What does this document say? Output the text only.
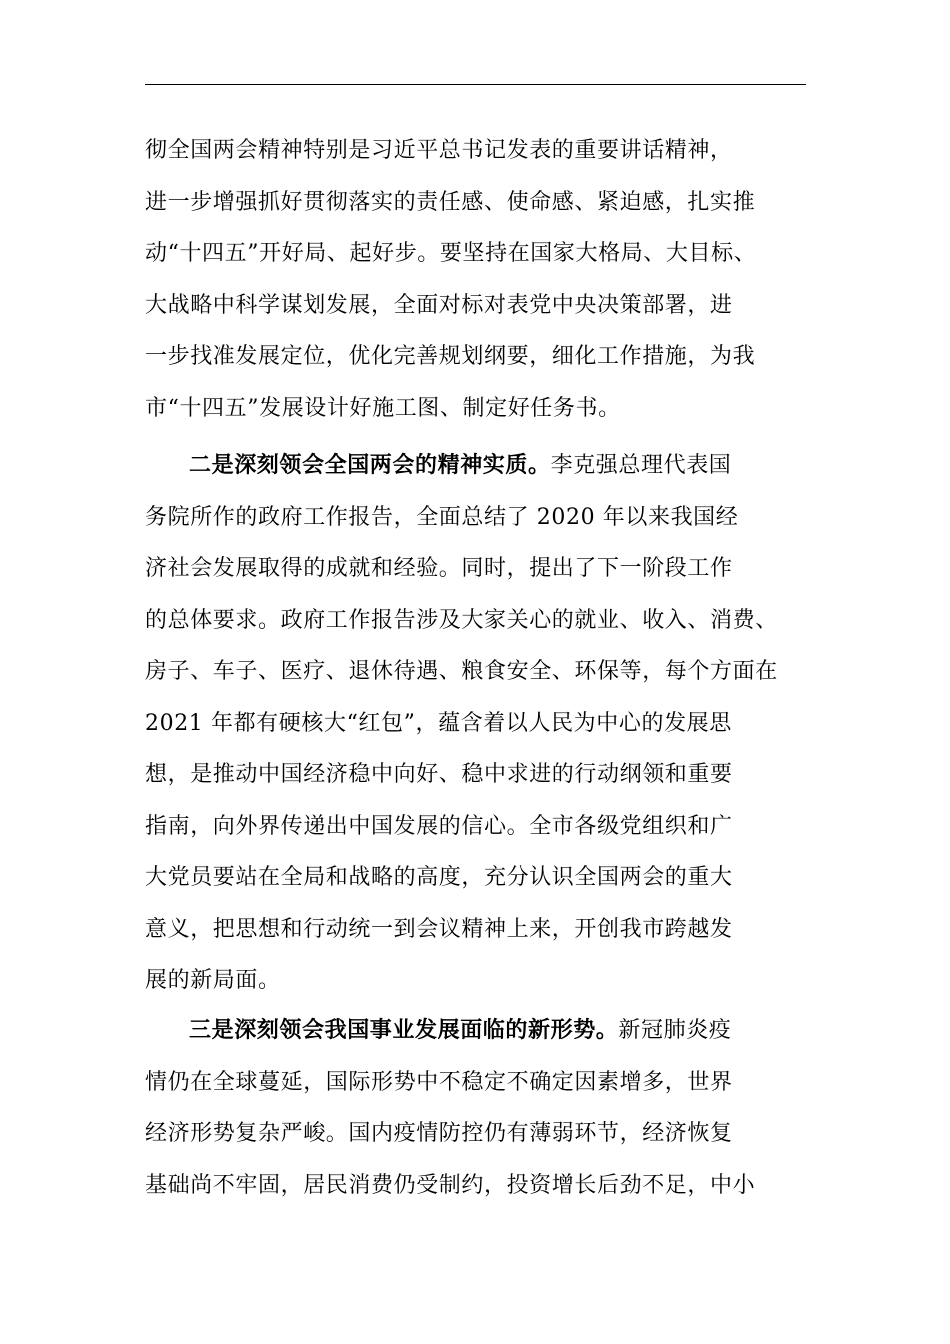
彻全国两会精神特别是习近平总书记发表的重要讲话精神，
进一步增强抓好贯彻落实的责任感、使命感、紧迫感，扎实推
动“十四五”开好局、起好步。要坚持在国家大格局、大目标、
大战略中科学谋划发展，全面对标对表党中央决策部署，进
一步找准发展定位，优化完善规划纲要，细化工作措施，为我
市“十四五”发展设计好施工图、制定好任务书。
二是深刻领会全国两会的精神实质。李克强总理代表国
务院所作的政府工作报告，全面总结了 2020 年以来我国经
济社会发展取得的成就和经验。同时，提出了下一阶段工作
的总体要求。政府工作报告涉及大家关心的就业、收入、消费、
房子、车子、医疗、退休待遇、粮食安全、环保等，每个方面在
2021 年都有硬核大“红包”，蕴含着以人民为中心的发展思
想，是推动中国经济稳中向好、稳中求进的行动纲领和重要
指南，向外界传递出中国发展的信心。全市各级党组织和广
大党员要站在全局和战略的高度，充分认识全国两会的重大
意义，把思想和行动统一到会议精神上来，开创我市跨越发
展的新局面。
三是深刻领会我国事业发展面临的新形势。新冠肺炎疫
情仍在全球蔓延，国际形势中不稳定不确定因素增多，世界
经济形势复杂严峻。国内疫情防控仍有薄弱环节，经济恢复
基础尚不牢固，居民消费仍受制约，投资增长后劲不足，中小
